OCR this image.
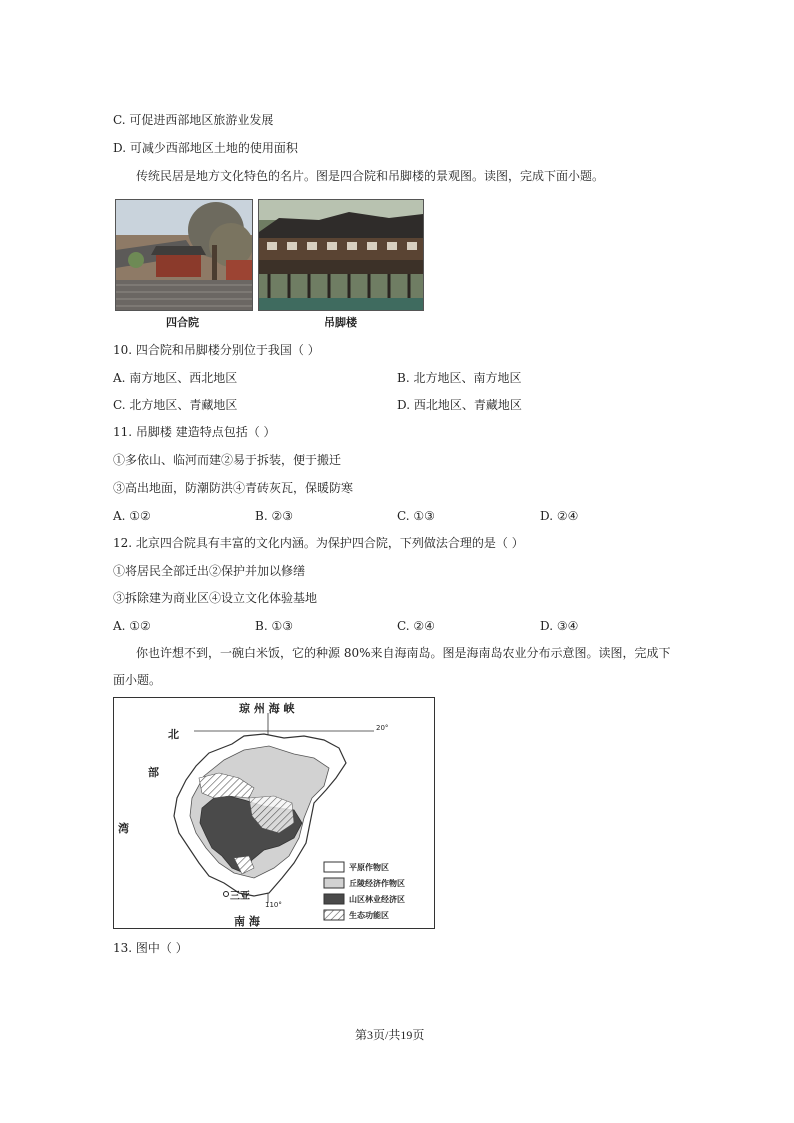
C. 可促进西部地区旅游业发展
D. 可减少西部地区土地的使用面积
传统民居是地方文化特色的名片。图是四合院和吊脚楼的景观图。读图，完成下面小题。
四合院	吊脚楼
10. 四合院和吊脚楼分别位于我国（ ）
A. 南方地区、西北地区	B. 北方地区、南方地区
C. 北方地区、青藏地区	D. 西北地区、青藏地区
11. 吊脚楼 建造特点包括（ ）
①多依山、临河而建②易于拆装，便于搬迁
③高出地面，防潮防洪④青砖灰瓦，保暖防寒
A. ①②	B. ②③	C. ①③	D. ②④
12. 北京四合院具有丰富的文化内涵。为保护四合院，下列做法合理的是（ ）
①将居民全部迁出②保护并加以修缮
③拆除建为商业区④设立文化体验基地
A. ①②	B. ①③	C. ②④	D. ③④
你也许想不到，一碗白米饭，它的种源 80%来自海南岛。图是海南岛农业分布示意图。读图，完成下
面小题。
琼 州 海 峡
北
部
湾
20°
110°
三亚
南 海
平原作物区
丘陵经济作物区
山区林业经济区
生态功能区
13. 图中（ ）
第3页/共19页
